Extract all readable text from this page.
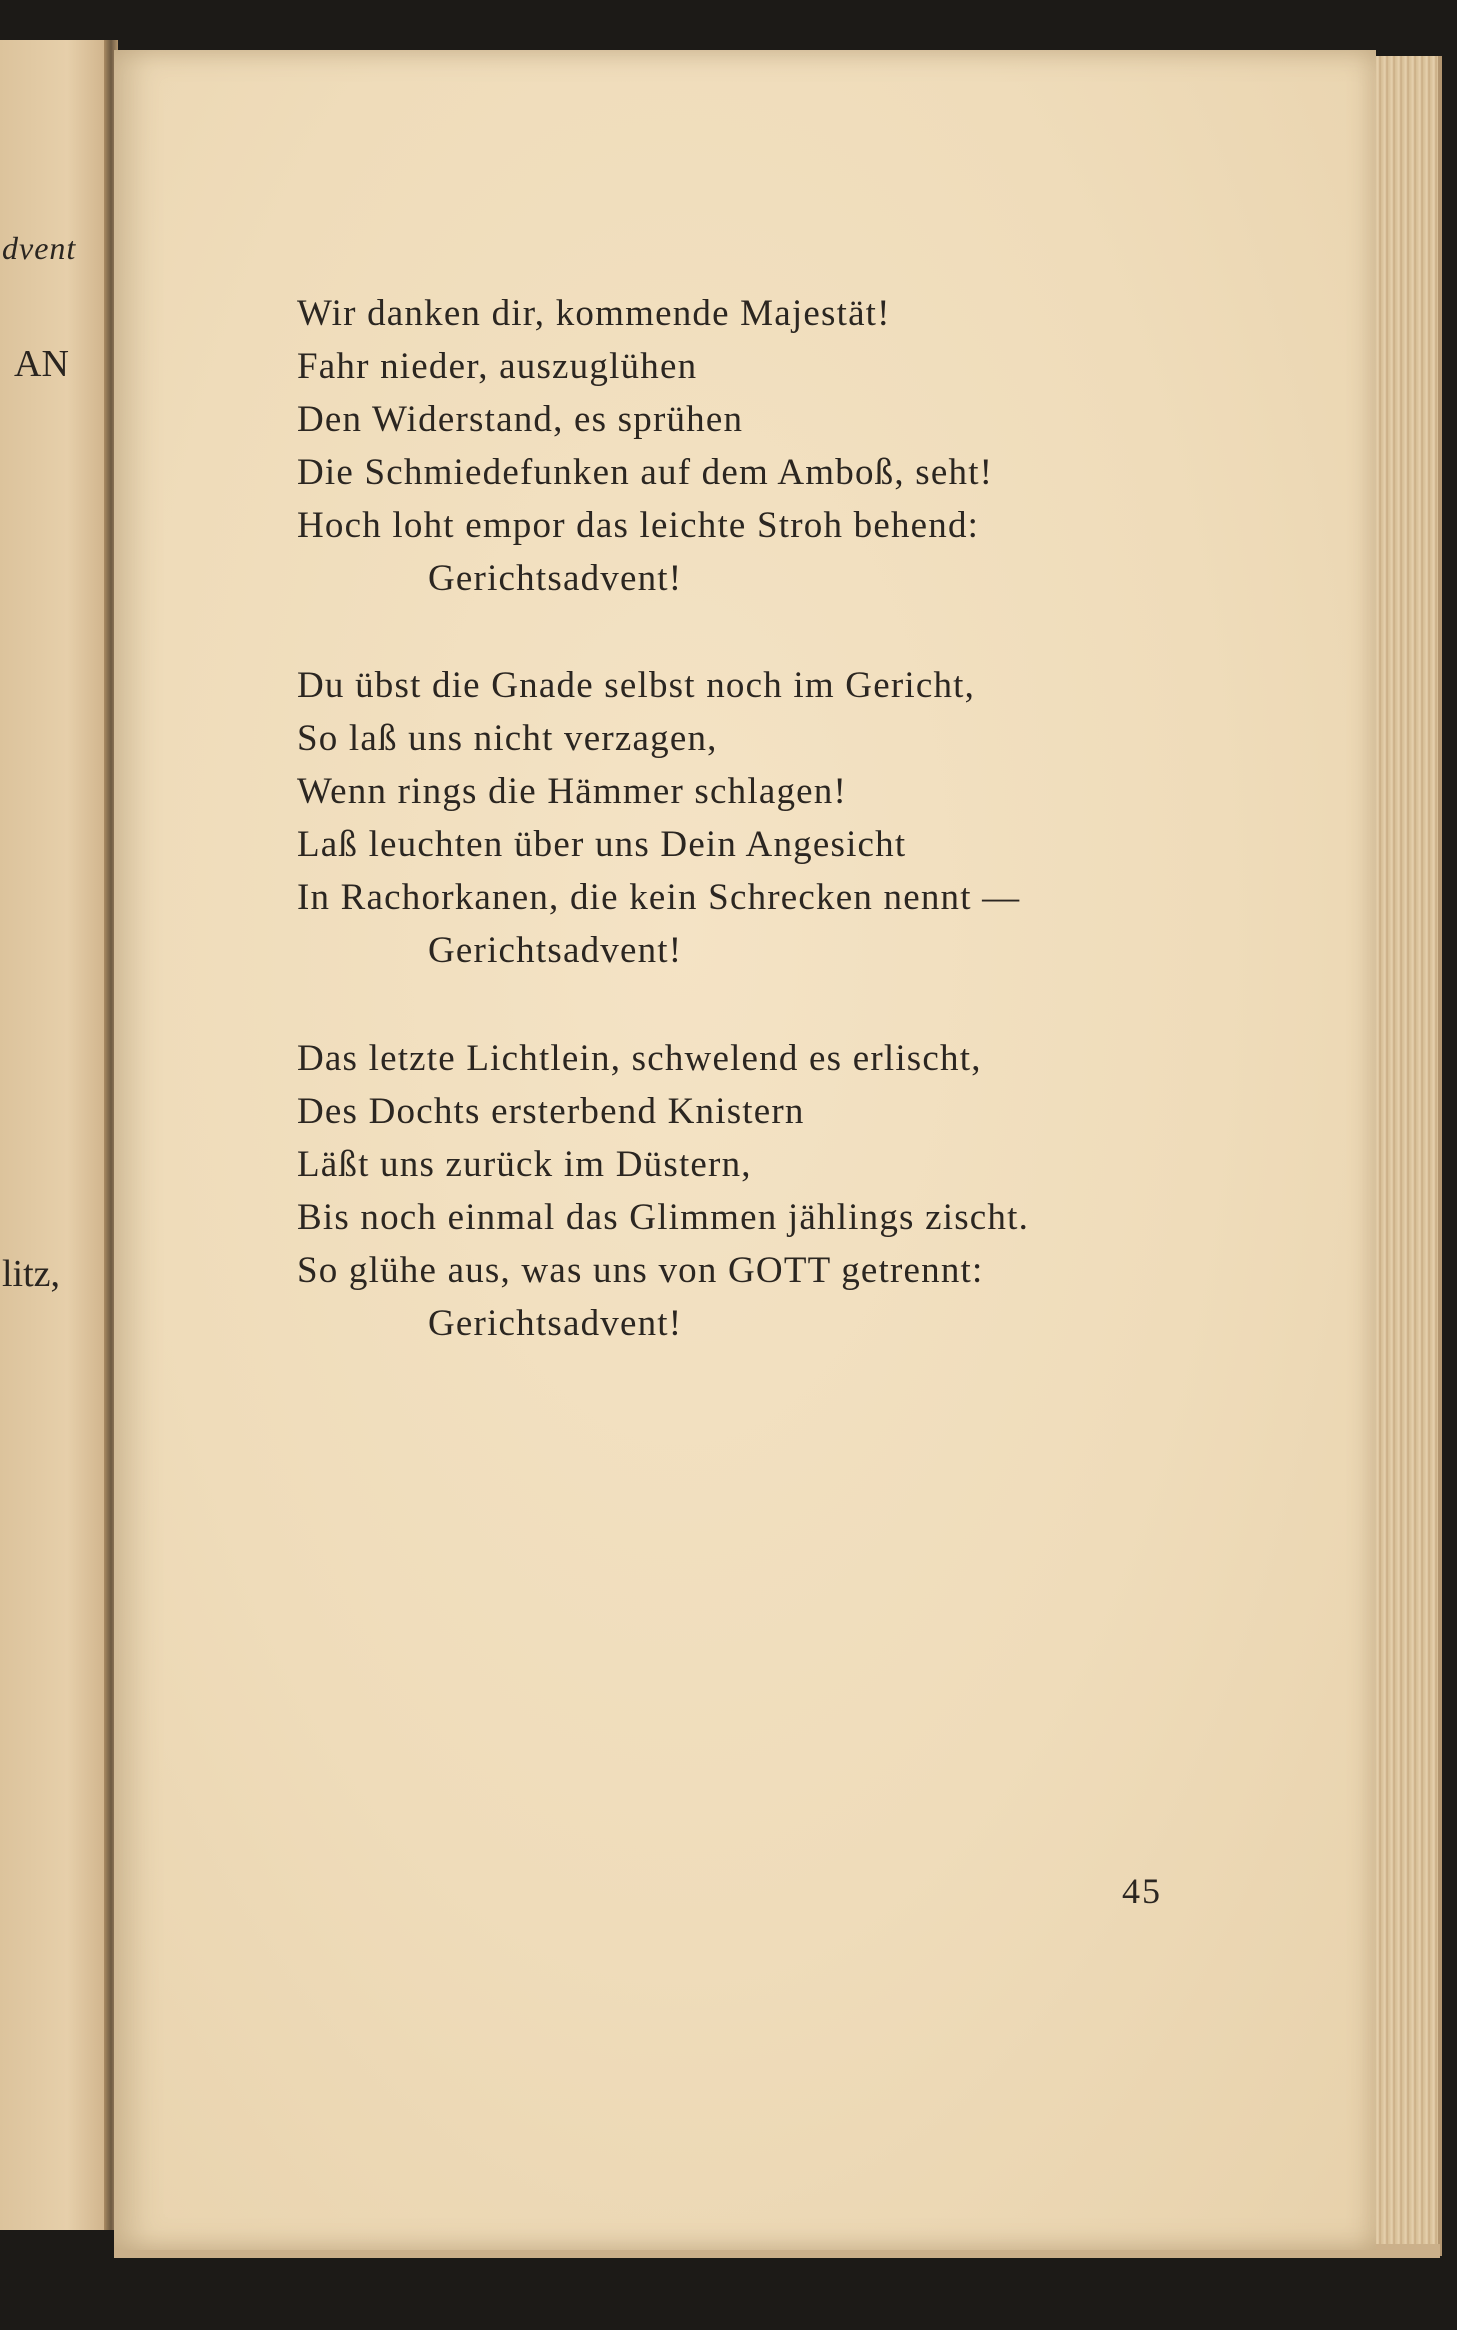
dvent
AN
litz,
Wir danken dir, kommende Majestät!
Fahr nieder, auszuglühen
Den Widerstand, es sprühen
Die Schmiedefunken auf dem Amboß, seht!
Hoch loht empor das leichte Stroh behend:
Gerichtsadvent!
Du übst die Gnade selbst noch im Gericht,
So laß uns nicht verzagen,
Wenn rings die Hämmer schlagen!
Laß leuchten über uns Dein Angesicht
In Rachorkanen, die kein Schrecken nennt —
Gerichtsadvent!
Das letzte Lichtlein, schwelend es erlischt,
Des Dochts ersterbend Knistern
Läßt uns zurück im Düstern,
Bis noch einmal das Glimmen jählings zischt.
So glühe aus, was uns von GOTT getrennt:
Gerichtsadvent!
45
